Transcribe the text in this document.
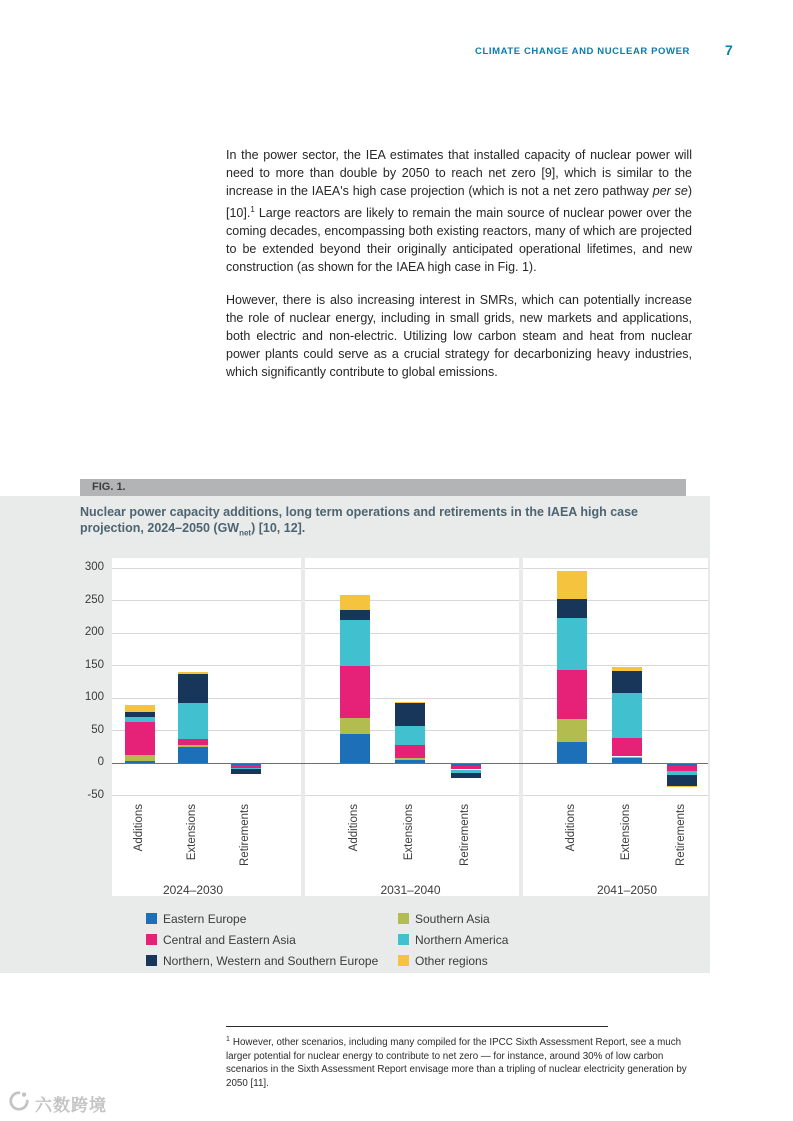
CLIMATE CHANGE AND NUCLEAR POWER	7

In the power sector, the IEA estimates that installed capacity of nuclear power will need to more than double by 2050 to reach net zero [9], which is similar to the increase in the IAEA's high case projection (which is not a net zero pathway per se) [10].$^1$ Large reactors are likely to remain the main source of nuclear power over the coming decades, encompassing both existing reactors, many of which are projected to be extended beyond their originally anticipated operational lifetimes, and new construction (as shown for the IAEA high case in Fig. 1).

However, there is also increasing interest in SMRs, which can potentially increase the role of nuclear energy, including in small grids, new markets and applications, both electric and non-electric. Utilizing low carbon steam and heat from nuclear power plants could serve as a crucial strategy for decarbonizing heavy industries, which significantly contribute to global emissions.

FIG. 1.
Nuclear power capacity additions, long term operations and retirements in the IAEA high case projection, 2024–2050 $(GW_{net})$ [10, 12].
300
250
200
150
100
50
0
-50
Additions	Extensions	Retirements	Additions	Extensions	Retirements	Additions	Extensions	Retirements
2024–2030	2031–2040	2041–2050
Eastern Europe	Southern Asia
Central and Eastern Asia	Northern America
Northern, Western and Southern Europe	Other regions
$^1$ However, other scenarios, including many compiled for the IPCC Sixth Assessment Report, see a much larger potential for nuclear energy to contribute to net zero — for instance, around 30% of low carbon scenarios in the Sixth Assessment Report envisage more than a tripling of nuclear electricity generation by 2050 [11].
六数跨境
